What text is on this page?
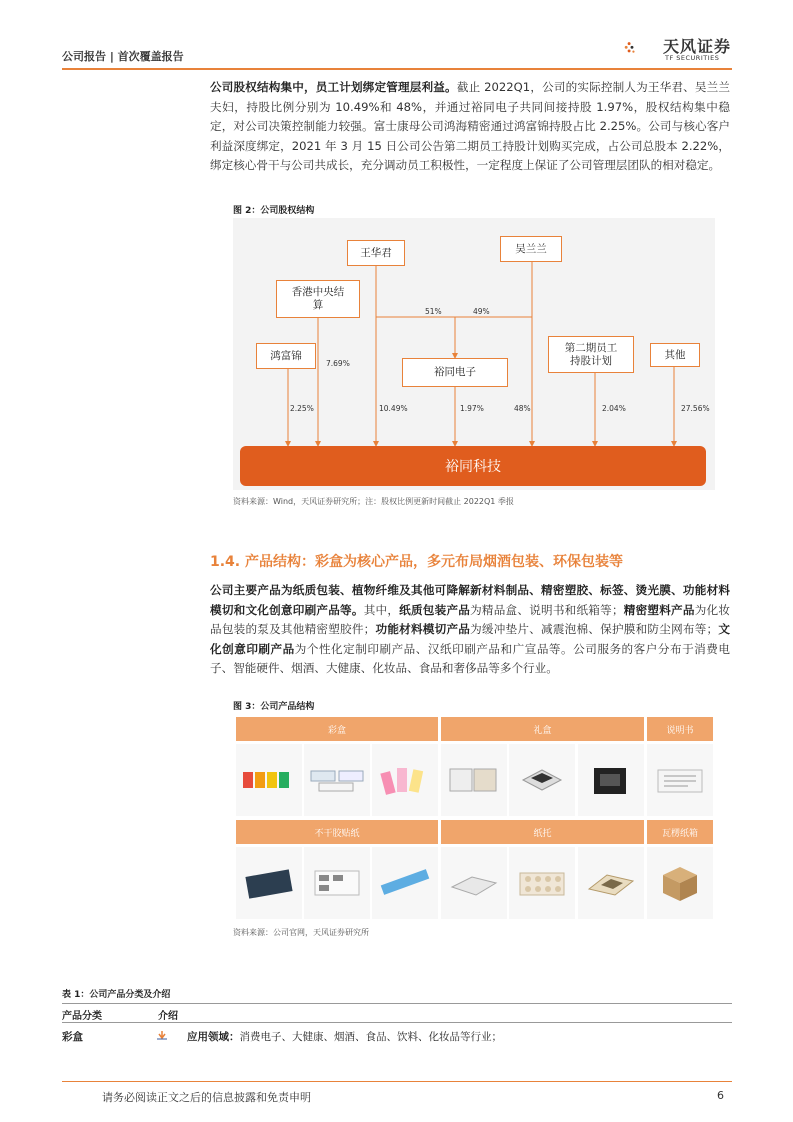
公司报告 | 首次覆盖报告
天风证券
TF SECURITIES
公司股权结构集中，员工计划绑定管理层利益。截止 2022Q1，公司的实际控制人为王华君、吴兰兰夫妇，持股比例分别为 10.49%和 48%，并通过裕同电子共同间接持股 1.97%，股权结构集中稳定，对公司决策控制能力较强。富士康母公司鸿海精密通过鸿富锦持股占比 2.25%。公司与核心客户利益深度绑定，2021 年 3 月 15 日公司公告第二期员工持股计划购买完成，占公司总股本 2.22%，绑定核心骨干与公司共成长，充分调动员工积极性，一定程度上保证了公司管理层团队的相对稳定。
图 2：公司股权结构
王华君	吴兰兰
香港中央结算
鸿富锦
裕同电子
第二期员工持股计划	其他
51%	49%
7.69%
2.25%	10.49%	1.97%	48%	2.04%	27.56%
裕同科技
资料来源：Wind，天风证券研究所；注：股权比例更新时间截止 2022Q1 季报
1.4. 产品结构：彩盒为核心产品，多元布局烟酒包装、环保包装等
公司主要产品为纸质包装、植物纤维及其他可降解新材料制品、精密塑胶、标签、烫光膜、功能材料模切和文化创意印刷产品等。其中，纸质包装产品为精品盒、说明书和纸箱等；精密塑料产品为化妆品包装的泵及其他精密塑胶件；功能材料模切产品为缓冲垫片、减震泡棉、保护膜和防尘网布等；文化创意印刷产品为个性化定制印刷产品、汉纸印刷产品和广宣品等。公司服务的客户分布于消费电子、智能硬件、烟酒、大健康、化妆品、食品和奢侈品等多个行业。
图 3：公司产品结构
彩盒	礼盒	说明书
不干胶贴纸	纸托	瓦楞纸箱
资料来源：公司官网，天风证券研究所
表 1：公司产品分类及介绍
产品分类	介绍
彩盒	应用领域：消费电子、大健康、烟酒、食品、饮料、化妆品等行业；
请务必阅读正文之后的信息披露和免责申明	6
